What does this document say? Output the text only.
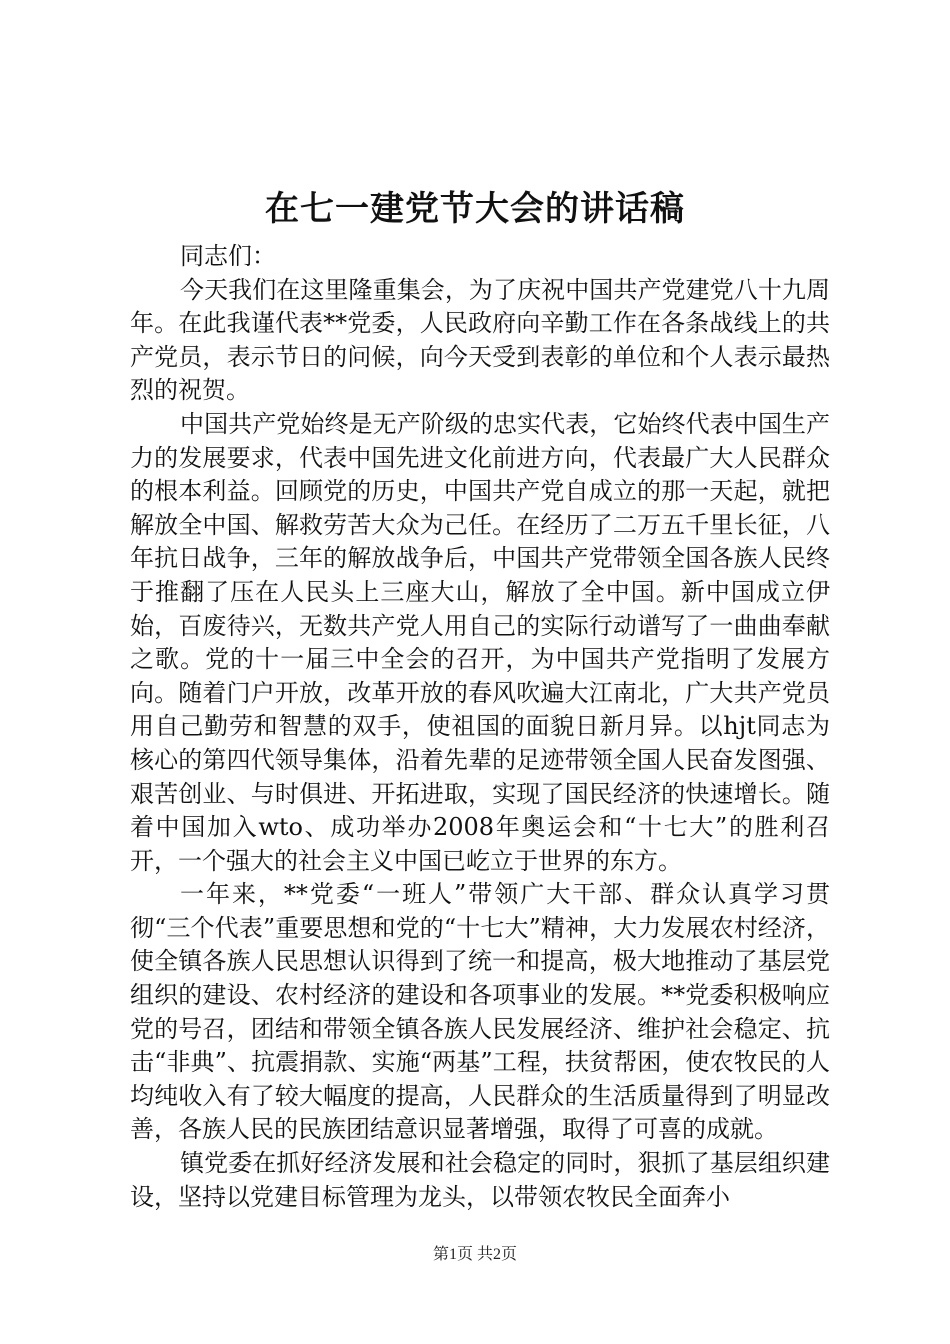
在七一建党节大会的讲话稿

同志们：

今天我们在这里隆重集会，为了庆祝中国共产党建党八十九周年。在此我谨代表**党委，人民政府向辛勤工作在各条战线上的共产党员，表示节日的问候，向今天受到表彰的单位和个人表示最热烈的祝贺。

中国共产党始终是无产阶级的忠实代表，它始终代表中国生产力的发展要求，代表中国先进文化前进方向，代表最广大人民群众的根本利益。回顾党的历史，中国共产党自成立的那一天起，就把解放全中国、解救劳苦大众为己任。在经历了二万五千里长征，八年抗日战争，三年的解放战争后，中国共产党带领全国各族人民终于推翻了压在人民头上三座大山，解放了全中国。新中国成立伊始，百废待兴，无数共产党人用自己的实际行动谱写了一曲曲奉献之歌。党的十一届三中全会的召开，为中国共产党指明了发展方向。随着门户开放，改革开放的春风吹遍大江南北，广大共产党员用自己勤劳和智慧的双手，使祖国的面貌日新月异。以hjt同志为核心的第四代领导集体，沿着先辈的足迹带领全国人民奋发图强、艰苦创业、与时俱进、开拓进取，实现了国民经济的快速增长。随着中国加入wto、成功举办2008年奥运会和“十七大”的胜利召开，一个强大的社会主义中国已屹立于世界的东方。

一年来，**党委“一班人”带领广大干部、群众认真学习贯彻“三个代表”重要思想和党的“十七大”精神，大力发展农村经济，使全镇各族人民思想认识得到了统一和提高，极大地推动了基层党组织的建设、农村经济的建设和各项事业的发展。**党委积极响应党的号召，团结和带领全镇各族人民发展经济、维护社会稳定、抗击“非典”、抗震捐款、实施“两基”工程，扶贫帮困，使农牧民的人均纯收入有了较大幅度的提高，人民群众的生活质量得到了明显改善，各族人民的民族团结意识显著增强，取得了可喜的成就。

镇党委在抓好经济发展和社会稳定的同时，狠抓了基层组织建设，坚持以党建目标管理为龙头，以带领农牧民全面奔小

第1页 共2页
